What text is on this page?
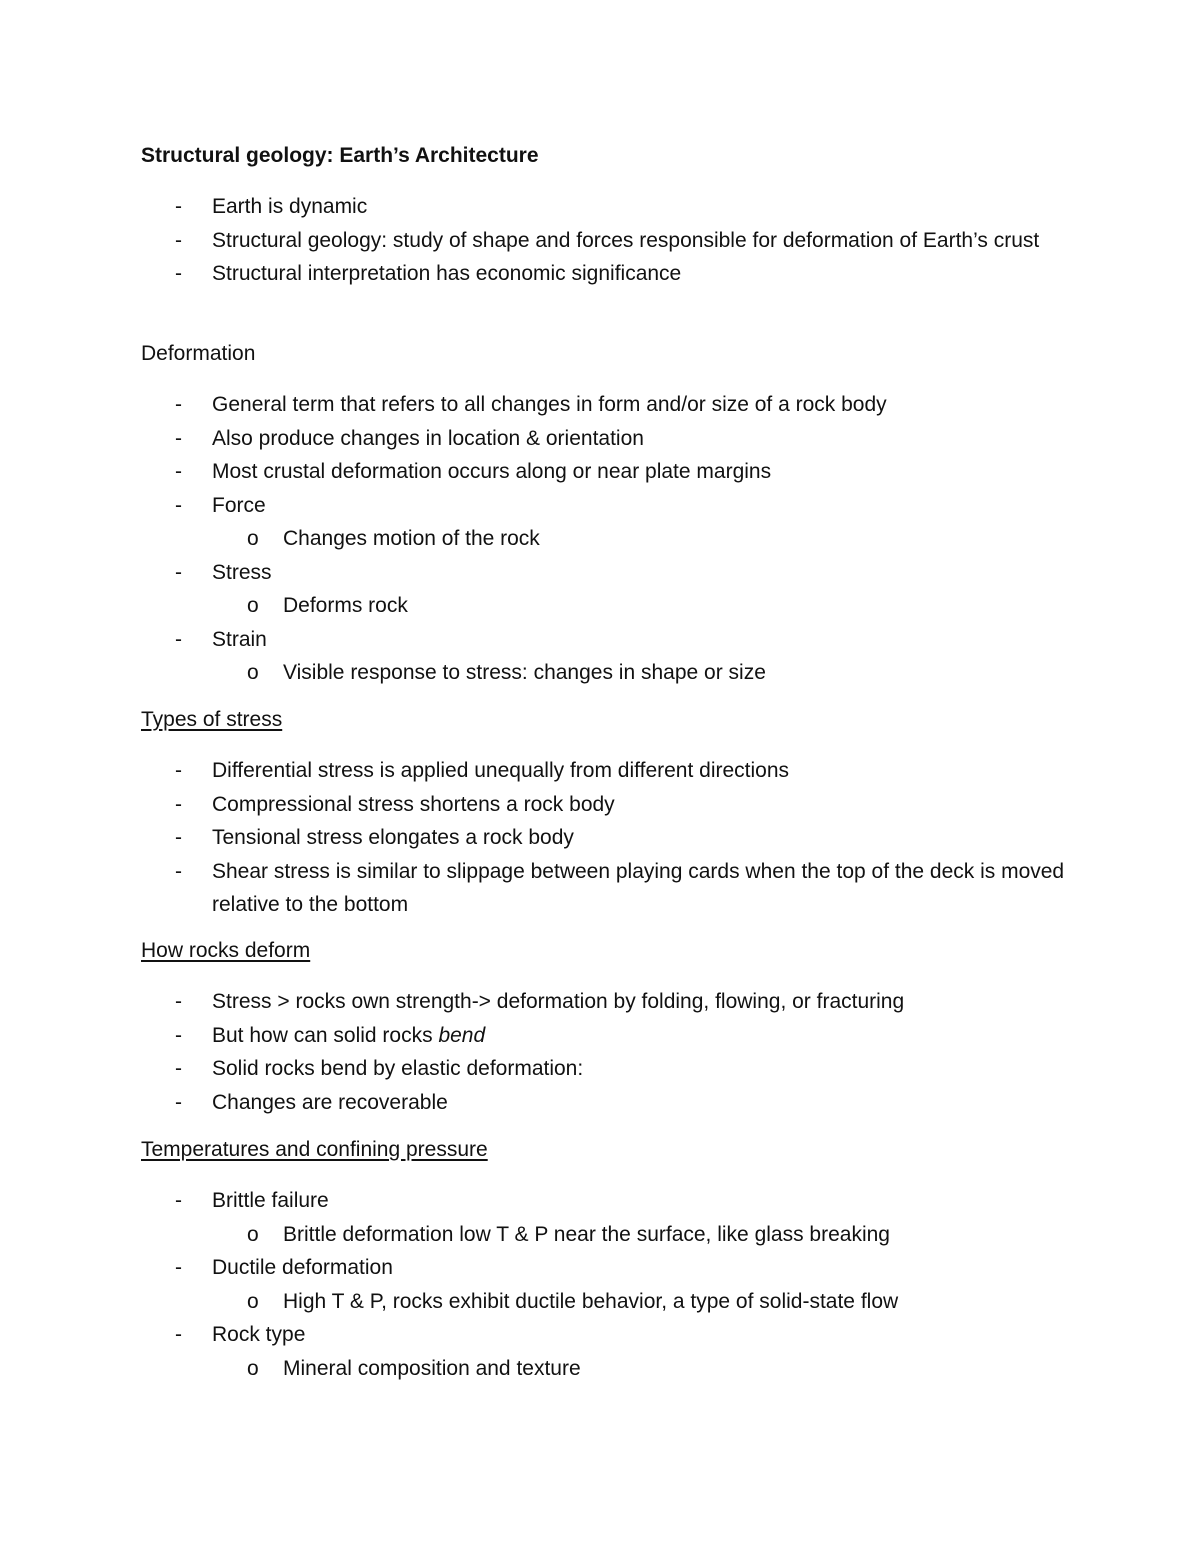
Structural geology: Earth’s Architecture
- Earth is dynamic
- Structural geology: study of shape and forces responsible for deformation of Earth’s crust
- Structural interpretation has economic significance
Deformation
- General term that refers to all changes in form and/or size of a rock body
- Also produce changes in location & orientation
- Most crustal deformation occurs along or near plate margins
- Force
o Changes motion of the rock
- Stress
o Deforms rock
- Strain
o Visible response to stress: changes in shape or size
Types of stress
- Differential stress is applied unequally from different directions
- Compressional stress shortens a rock body
- Tensional stress elongates a rock body
- Shear stress is similar to slippage between playing cards when the top of the deck is moved relative to the bottom
How rocks deform
- Stress > rocks own strength-> deformation by folding, flowing, or fracturing
- But how can solid rocks bend
- Solid rocks bend by elastic deformation:
- Changes are recoverable
Temperatures and confining pressure
- Brittle failure
o Brittle deformation low T & P near the surface, like glass breaking
- Ductile deformation
o High T & P, rocks exhibit ductile behavior, a type of solid-state flow
- Rock type
o Mineral composition and texture
